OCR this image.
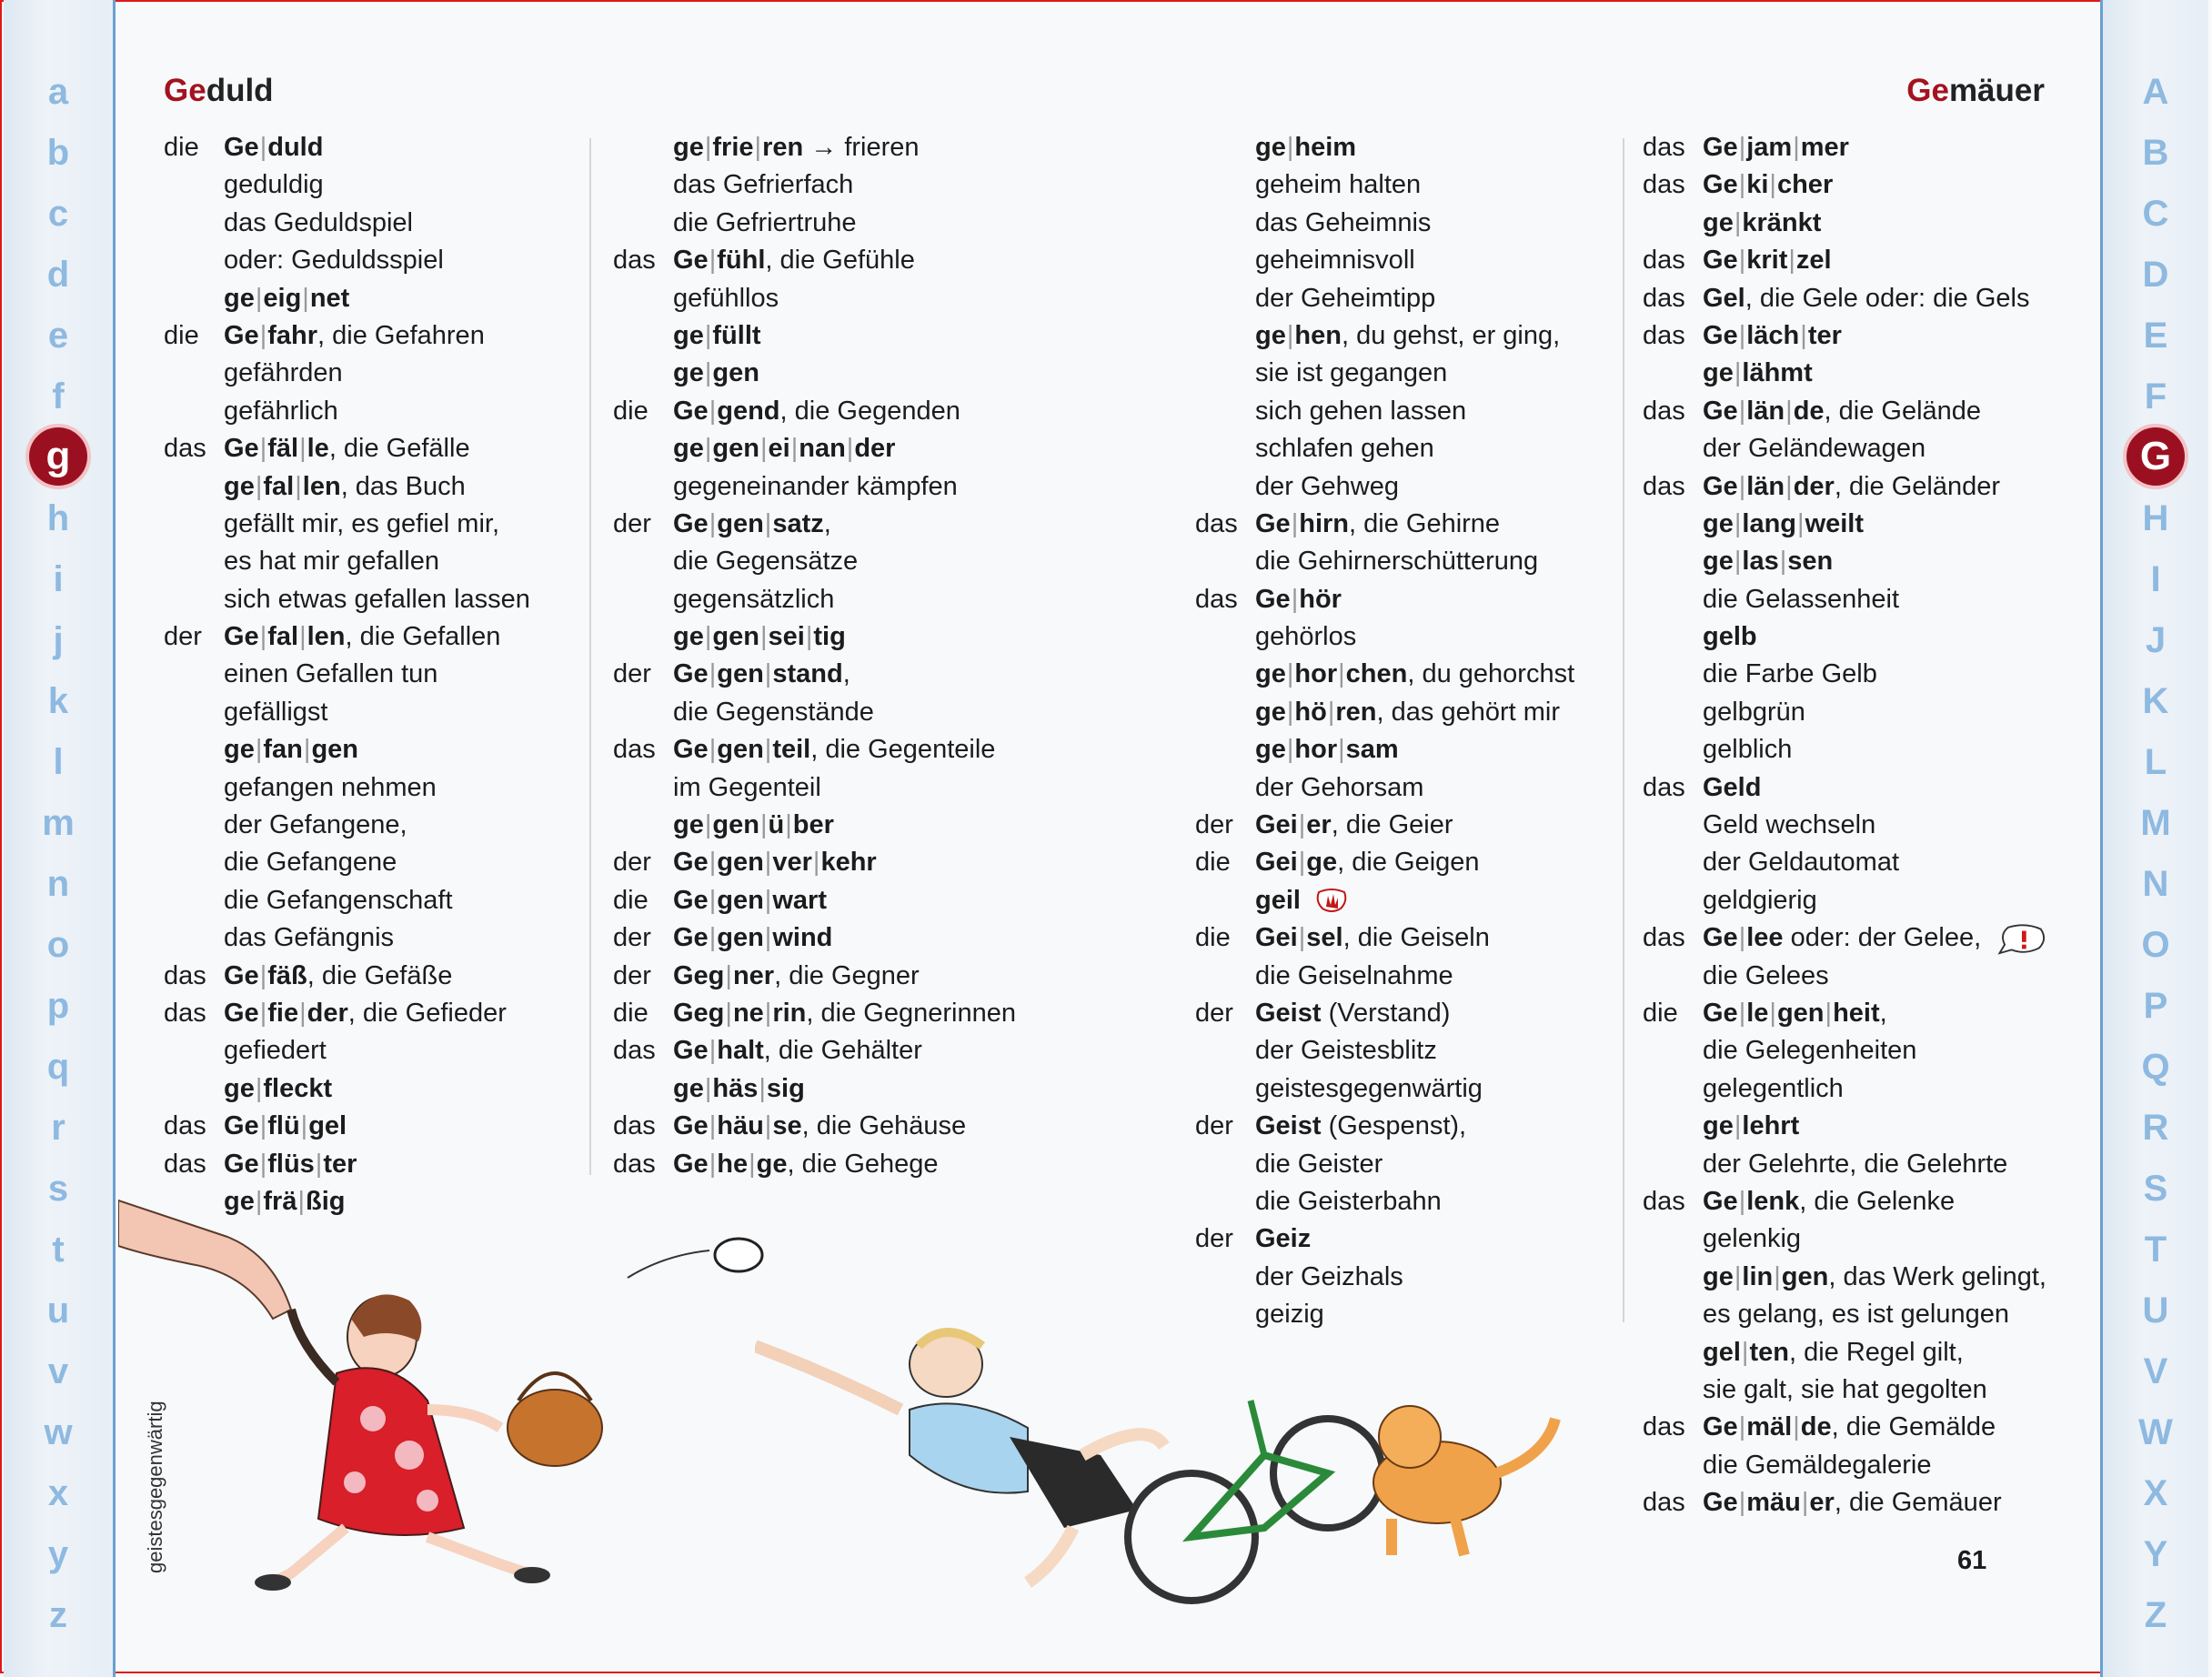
a
b
c
d
e
f
g
h
i
j
k
l
m
n
o
p
q
r
s
t
u
v
w
x
y
z
A
B
C
D
E
F
G
H
I
J
K
L
M
N
O
P
Q
R
S
T
U
V
W
X
Y
Z
Geduld	Gemäuer
die Ge|duld
geduldig
das Geduldspiel
oder: Geduldsspiel
ge|eig|net
die Ge|fahr, die Gefahren
gefährden
gefährlich
das Ge|fäl|le, die Gefälle
ge|fal|len, das Buch
gefällt mir, es gefiel mir,
es hat mir gefallen
sich etwas gefallen lassen
der Ge|fal|len, die Gefallen
einen Gefallen tun
gefälligst
ge|fan|gen
gefangen nehmen
der Gefangene,
die Gefangene
die Gefangenschaft
das Gefängnis
das Ge|fäß, die Gefäße
das Ge|fie|der, die Gefieder
gefiedert
ge|fleckt
das Ge|flü|gel
das Ge|flüs|ter
ge|frä|ßig
ge|frie|ren → frieren
das Gefrierfach
die Gefriertruhe
das Ge|fühl, die Gefühle
gefühllos
ge|füllt
ge|gen
die Ge|gend, die Gegenden
ge|gen|ei|nan|der
gegeneinander kämpfen
der Ge|gen|satz,
die Gegensätze
gegensätzlich
ge|gen|sei|tig
der Ge|gen|stand,
die Gegenstände
das Ge|gen|teil, die Gegenteile
im Gegenteil
ge|gen|ü|ber
der Ge|gen|ver|kehr
die Ge|gen|wart
der Ge|gen|wind
der Geg|ner, die Gegner
die Geg|ne|rin, die Gegnerinnen
das Ge|halt, die Gehälter
ge|häs|sig
das Ge|häu|se, die Gehäuse
das Ge|he|ge, die Gehege
ge|heim
geheim halten
das Geheimnis
geheimnisvoll
der Geheimtipp
ge|hen, du gehst, er ging,
sie ist gegangen
sich gehen lassen
schlafen gehen
der Gehweg
das Ge|hirn, die Gehirne
die Gehirnerschütterung
das Ge|hör
gehörlos
ge|hor|chen, du gehorchst
ge|hö|ren, das gehört mir
ge|hor|sam
der Gehorsam
der Gei|er, die Geier
die Gei|ge, die Geigen
geil
die Gei|sel, die Geiseln
die Geiselnahme
der Geist (Verstand)
der Geistesblitz
geistesgegenwärtig
der Geist (Gespenst),
die Geister
die Geisterbahn
der Geiz
der Geizhals
geizig
das Ge|jam|mer
das Ge|ki|cher
ge|kränkt
das Ge|krit|zel
das Gel, die Gele oder: die Gels
das Ge|läch|ter
ge|lähmt
das Ge|län|de, die Gelände
der Geländewagen
das Ge|län|der, die Geländer
ge|lang|weilt
ge|las|sen
die Gelassenheit
gelb
die Farbe Gelb
gelbgrün
gelblich
das Geld
Geld wechseln
der Geldautomat
geldgierig
das Ge|lee oder: der Gelee,
die Gelees
die Ge|le|gen|heit,
die Gelegenheiten
gelegentlich
ge|lehrt
der Gelehrte, die Gelehrte
das Ge|lenk, die Gelenke
gelenkig
ge|lin|gen, das Werk gelingt,
es gelang, es ist gelungen
gel|ten, die Regel gilt,
sie galt, sie hat gegolten
das Ge|mäl|de, die Gemälde
die Gemäldegalerie
das Ge|mäu|er, die Gemäuer
geistesgegenwärtig	61
